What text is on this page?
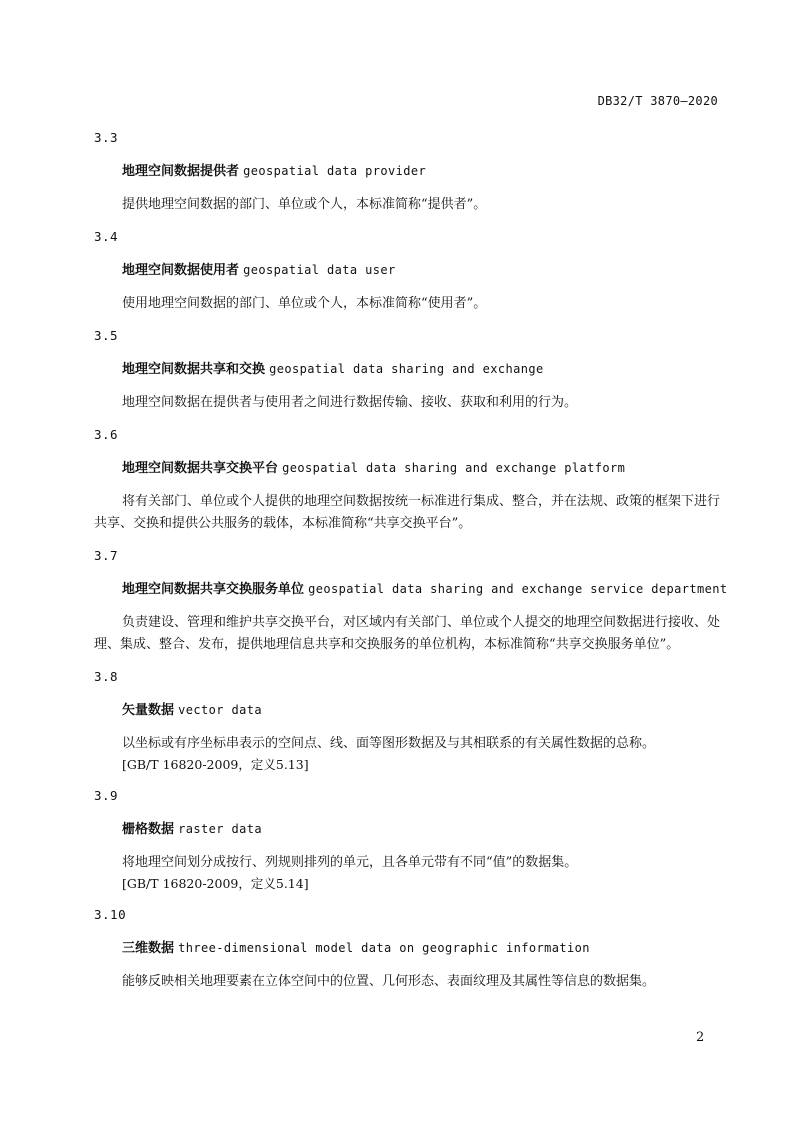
DB32/T 3870—2020
3.3
地理空间数据提供者 geospatial data provider

提供地理空间数据的部门、单位或个人，本标准简称“提供者”。

3.4
地理空间数据使用者 geospatial data user

使用地理空间数据的部门、单位或个人，本标准简称“使用者”。

3.5
地理空间数据共享和交换 geospatial data sharing and exchange

地理空间数据在提供者与使用者之间进行数据传输、接收、获取和利用的行为。

3.6
地理空间数据共享交换平台 geospatial data sharing and exchange platform

将有关部门、单位或个人提供的地理空间数据按统一标准进行集成、整合，并在法规、政策的框架下进行共享、交换和提供公共服务的载体，本标准简称“共享交换平台”。

3.7
地理空间数据共享交换服务单位 geospatial data sharing and exchange service department

负责建设、管理和维护共享交换平台，对区域内有关部门、单位或个人提交的地理空间数据进行接收、处理、集成、整合、发布，提供地理信息共享和交换服务的单位机构，本标准简称“共享交换服务单位”。

3.8
矢量数据 vector data

以坐标或有序坐标串表示的空间点、线、面等图形数据及与其相联系的有关属性数据的总称。

[GB/T 16820-2009，定义5.13]

3.9
栅格数据 raster data

将地理空间划分成按行、列规则排列的单元，且各单元带有不同“值”的数据集。

[GB/T 16820-2009，定义5.14]

3.10
三维数据 three-dimensional model data on geographic information

能够反映相关地理要素在立体空间中的位置、几何形态、表面纹理及其属性等信息的数据集。

2
